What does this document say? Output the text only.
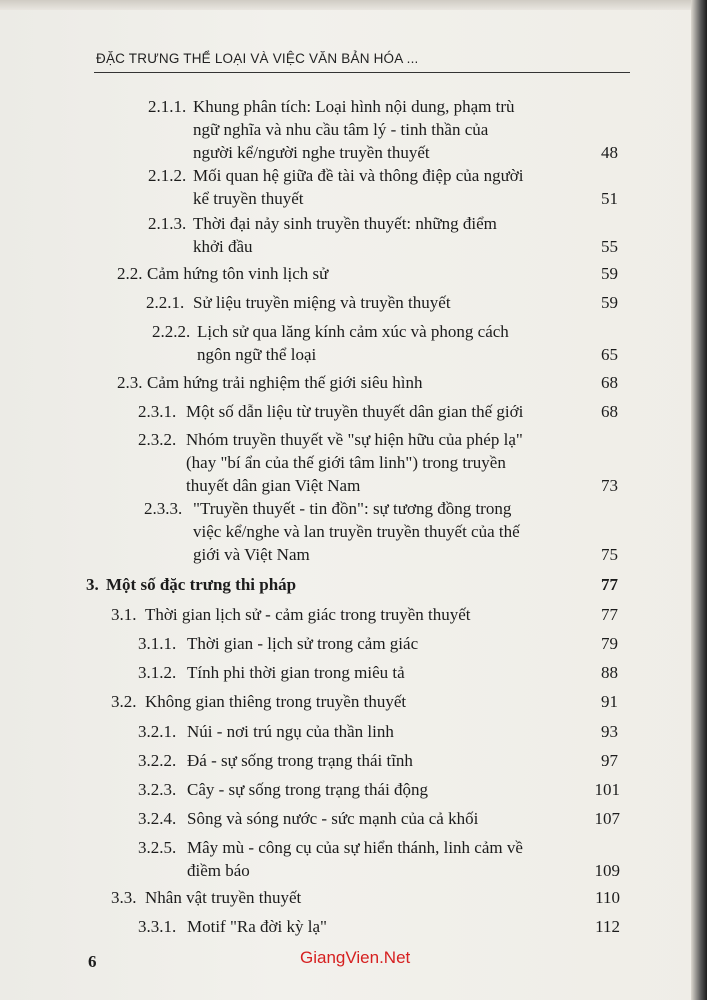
ĐẶC TRƯNG THỂ LOẠI VÀ VIỆC VĂN BẢN HÓA ...
2.1.1. Khung phân tích: Loại hình nội dung, phạm trù
ngữ nghĩa và nhu cầu tâm lý - tinh thần của
người kể/người nghe truyền thuyết	48
2.1.2. Mối quan hệ giữa đề tài và thông điệp của người
kể truyền thuyết	51
2.1.3. Thời đại nảy sinh truyền thuyết: những điểm
khởi đầu	55
2.2. Cảm hứng tôn vinh lịch sử	59
2.2.1. Sử liệu truyền miệng và truyền thuyết	59
2.2.2. Lịch sử qua lăng kính cảm xúc và phong cách
ngôn ngữ thể loại	65
2.3. Cảm hứng trải nghiệm thế giới siêu hình	68
2.3.1. Một số dẫn liệu từ truyền thuyết dân gian thế giới	68
2.3.2. Nhóm truyền thuyết về "sự hiện hữu của phép lạ"
(hay "bí ẩn của thế giới tâm linh") trong truyền
thuyết dân gian Việt Nam	73
2.3.3. "Truyền thuyết - tin đồn": sự tương đồng trong
việc kể/nghe và lan truyền truyền thuyết của thế
giới và Việt Nam	75
3. Một số đặc trưng thi pháp	77
3.1. Thời gian lịch sử - cảm giác trong truyền thuyết	77
3.1.1. Thời gian - lịch sử trong cảm giác	79
3.1.2. Tính phi thời gian trong miêu tả	88
3.2. Không gian thiêng trong truyền thuyết	91
3.2.1. Núi - nơi trú ngụ của thần linh	93
3.2.2. Đá - sự sống trong trạng thái tĩnh	97
3.2.3. Cây - sự sống trong trạng thái động	101
3.2.4. Sông và sóng nước - sức mạnh của cả khối	107
3.2.5. Mây mù - công cụ của sự hiển thánh, linh cảm về
điềm báo	109
3.3. Nhân vật truyền thuyết	110
3.3.1. Motif "Ra đời kỳ lạ"	112
6	GiangVien.Net
